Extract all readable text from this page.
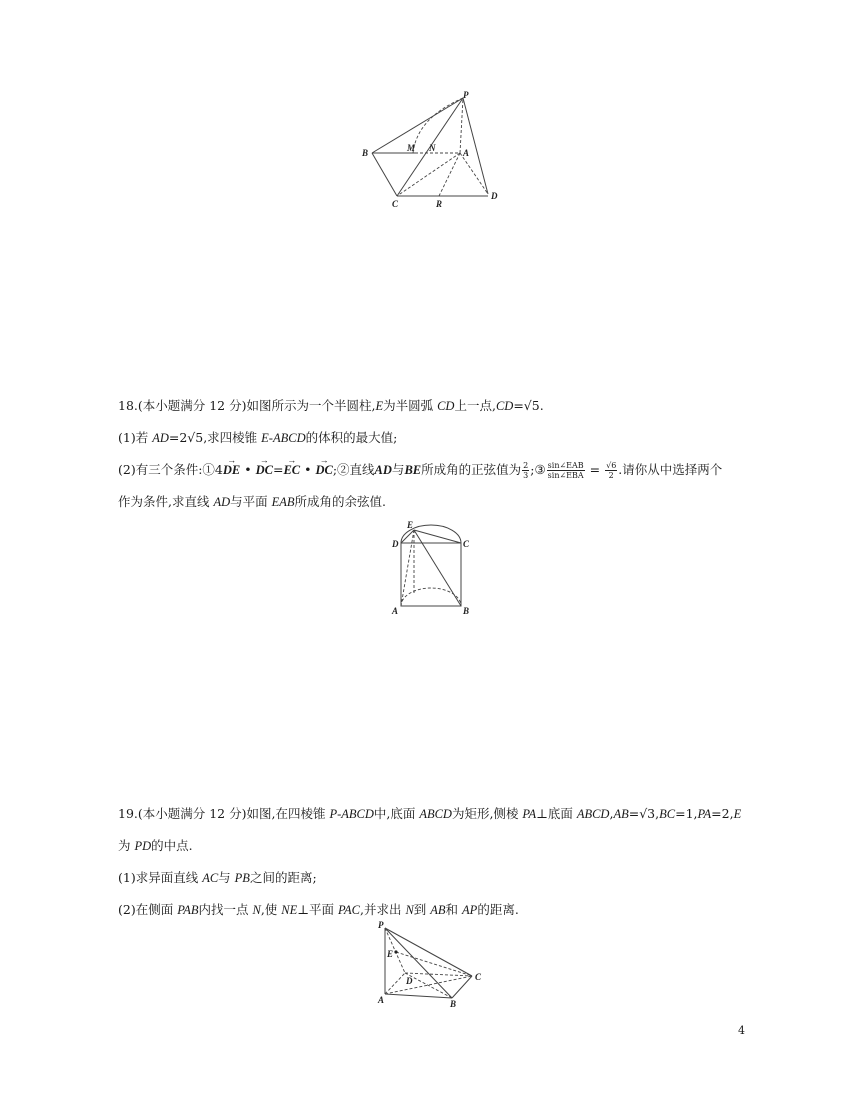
P
B	M N	A
C	R
D
18.(本小题满分 12 分)如图所示为一个半圆柱,E为半圆弧 CD上一点,CD=√5.
(1)若 AD=2√5,求四棱锥 E-ABCD的体积的最大值;
(2)有三个条件:①4→ DE • → DC=→ EC • → DC;②直线AD与BE所成角的正弦值为 $\frac{2}{3}$ ;③ $\frac{\text{sin∠EAB}}{\text{sin∠EBA}} = \frac{√6}{2}$ .请你从中选择两个
作为条件,求直线 AD与平面 EAB所成角的余弦值.
E
D	C
A	B
19.(本小题满分 12 分)如图,在四棱锥 P-ABCD中,底面 ABCD为矩形,侧棱 PA⊥底面 ABCD,AB=√3,BC=1,PA=2,E
为 PD的中点.
(1)求异面直线 AC与 PB之间的距离;
(2)在侧面 PAB内找一点 N,使 NE⊥平面 PAC,并求出 N到 AB和 AP的距离.
P
E
D	C
A	B
4
